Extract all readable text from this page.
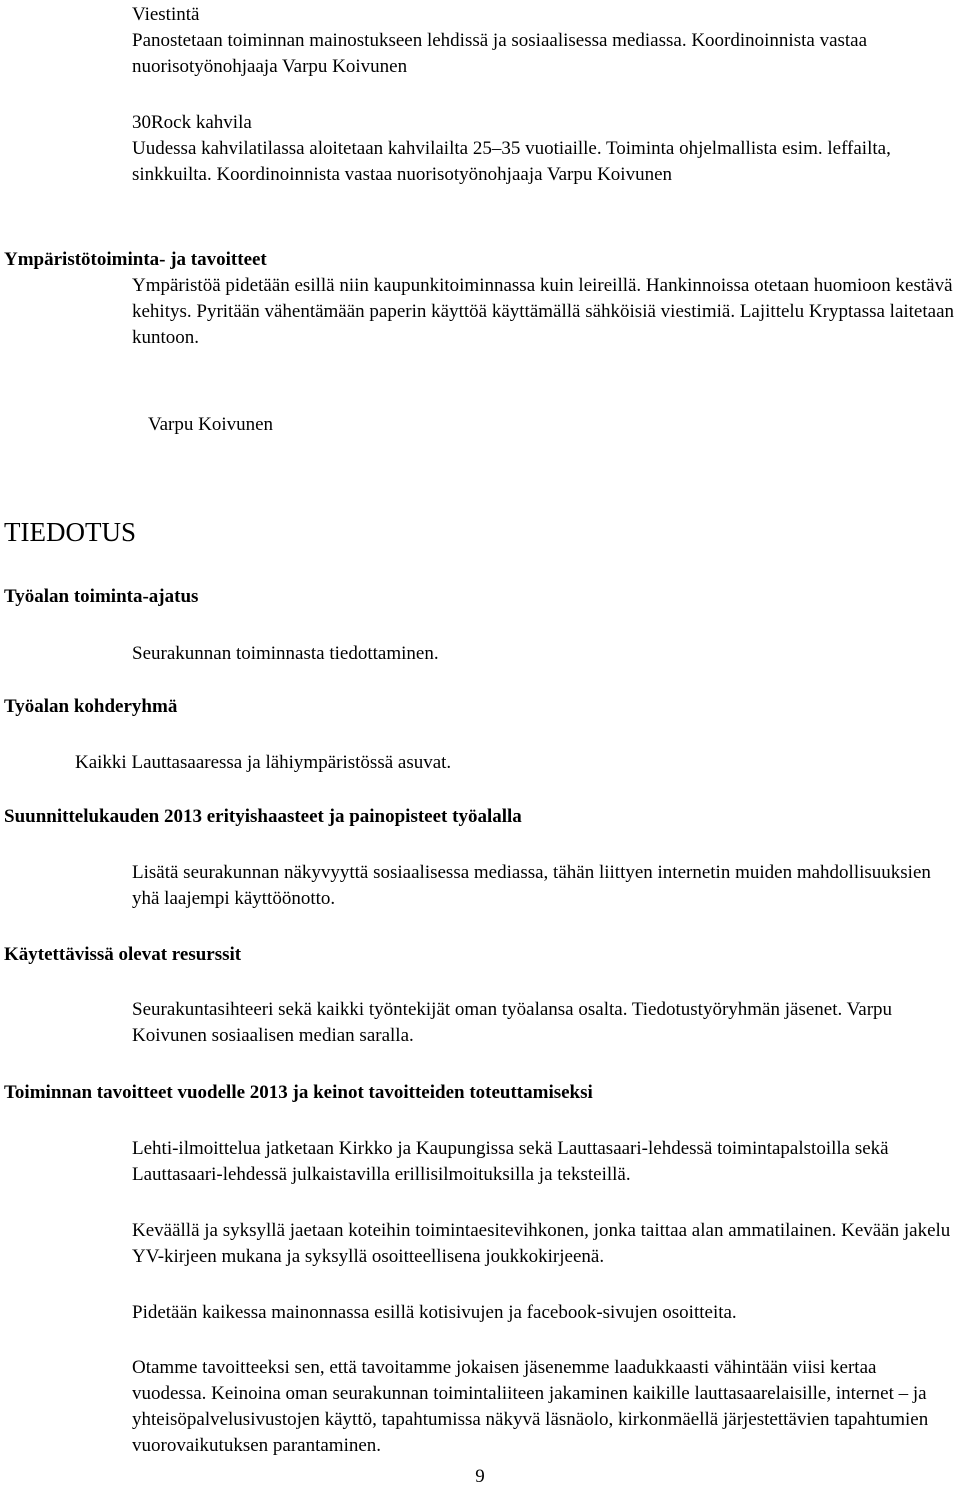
Viestintä

Panostetaan toiminnan mainostukseen lehdissä ja sosiaalisessa mediassa. Koordinoinnista vastaa nuorisotyönohjaaja Varpu Koivunen

30Rock kahvila

Uudessa kahvilatilassa aloitetaan kahvilailta 25–35 vuotiaille. Toiminta ohjelmallista esim. leffailta, sinkkuilta. Koordinoinnista vastaa nuorisotyönohjaaja Varpu Koivunen

Ympäristötoiminta- ja tavoitteet

Ympäristöä pidetään esillä niin kaupunkitoiminnassa kuin leireillä. Hankinnoissa otetaan huomioon kestävä kehitys. Pyritään vähentämään paperin käyttöä käyttämällä sähköisiä viestimiä. Lajittelu Kryptassa laitetaan kuntoon.

Varpu Koivunen
TIEDOTUS
Työalan toiminta-ajatus
Seurakunnan toiminnasta tiedottaminen.
Työalan kohderyhmä
Kaikki Lauttasaaressa ja lähiympäristössä asuvat.
Suunnittelukauden 2013 erityishaasteet ja painopisteet työalalla

Lisätä seurakunnan näkyvyyttä sosiaalisessa mediassa, tähän liittyen internetin muiden mahdollisuuksien yhä laajempi käyttöönotto.

Käytettävissä olevat resurssit

Seurakuntasihteeri sekä kaikki työntekijät oman työalansa osalta. Tiedotustyöryhmän jäsenet. Varpu Koivunen sosiaalisen median saralla.

Toiminnan tavoitteet vuodelle 2013 ja keinot tavoitteiden toteuttamiseksi

Lehti-ilmoittelua jatketaan Kirkko ja Kaupungissa sekä Lauttasaari-lehdessä toimintapalstoilla sekä Lauttasaari-lehdessä julkaistavilla erillisilmoituksilla ja teksteillä.

Keväällä ja syksyllä jaetaan koteihin toimintaesitevihkonen, jonka taittaa alan ammatilainen. Kevään jakelu YV-kirjeen mukana ja syksyllä osoitteellisena joukkokirjeenä.

Pidetään kaikessa mainonnassa esillä kotisivujen ja facebook-sivujen osoitteita.

Otamme tavoitteeksi sen, että tavoitamme jokaisen jäsenemme laadukkaasti vähintään viisi kertaa vuodessa. Keinoina oman seurakunnan toimintaliiteen jakaminen kaikille lauttasaarelaisille, internet – ja yhteisöpalvelusivustojen käyttö, tapahtumissa näkyvä läsnäolo, kirkonmäellä järjestettävien tapahtumien vuorovaikutuksen parantaminen.

9
